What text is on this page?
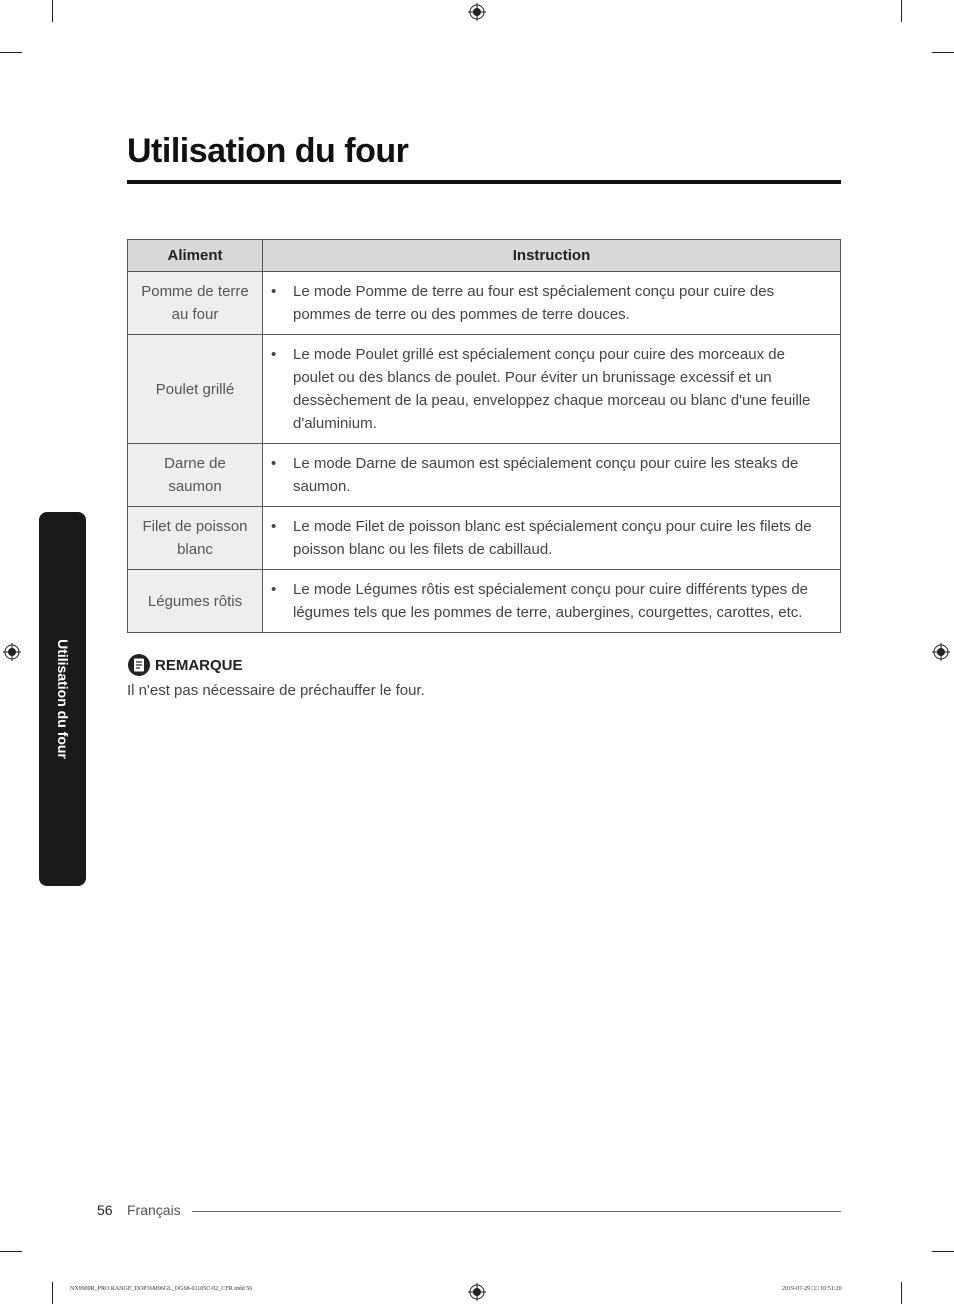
Utilisation du four
Aliment	Instruction
Pomme de terre au four	• Le mode Pomme de terre au four est spécialement conçu pour cuire des pommes de terre ou des pommes de terre douces.
Poulet grillé	• Le mode Poulet grillé est spécialement conçu pour cuire des morceaux de poulet ou des blancs de poulet. Pour éviter un brunissage excessif et un dessèchement de la peau, enveloppez chaque morceau ou blanc d'une feuille d'aluminium.
Darne de saumon	• Le mode Darne de saumon est spécialement conçu pour cuire les steaks de saumon.
Filet de poisson blanc	• Le mode Filet de poisson blanc est spécialement conçu pour cuire les filets de poisson blanc ou les filets de cabillaud.
Légumes rôtis	• Le mode Légumes rôtis est spécialement conçu pour cuire différents types de légumes tels que les pommes de terre, aubergines, courgettes, carottes, etc.
REMARQUE

Il n'est pas nécessaire de préchauffer le four.

Utilisation du four
56 Français
NX9900R_PRO RANGE_DOP36M96GL_DG68-01105C-02_CFR.indd 56	2019-07-29 □□ 10:51:20
